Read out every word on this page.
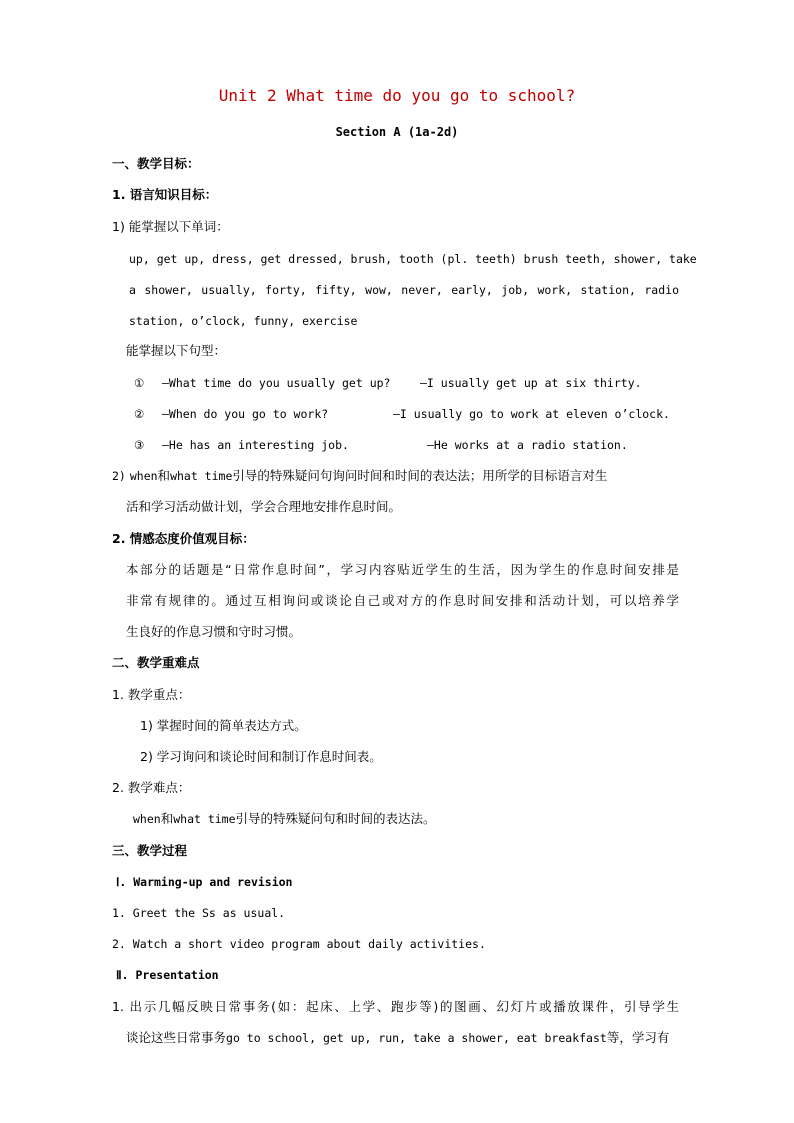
Unit 2 What time do you go to school?
Section A (1a-2d)
一、教学目标：
1. 语言知识目标：
1) 能掌握以下单词：
up, get up, dress, get dressed, brush, tooth (pl. teeth) brush teeth, shower, take
a shower, usually, forty, fifty, wow, never, early, job, work, station, radio
station, o’clock, funny, exercise
能掌握以下句型：
①	—What time do you usually get up?	—I usually get up at six thirty.
②	—When do you go to work?	—I usually go to work at eleven o’clock.
③	—He has an interesting job.	—He works at a radio station.
2) when和what time引导的特殊疑问句询问时间和时间的表达法；用所学的目标语言对生
活和学习活动做计划，学会合理地安排作息时间。
2. 情感态度价值观目标：
本部分的话题是“日常作息时间”，学习内容贴近学生的生活，因为学生的作息时间安排是
非常有规律的。通过互相询问或谈论自己或对方的作息时间安排和活动计划，可以培养学
生良好的作息习惯和守时习惯。
二、教学重难点
1. 教学重点：
1) 掌握时间的简单表达方式。
2) 学习询问和谈论时间和制订作息时间表。
2. 教学难点：
when和what time引导的特殊疑问句和时间的表达法。
三、教学过程
Ⅰ. Warming-up and revision
1. Greet the Ss as usual.
2. Watch a short video program about daily activities.
Ⅱ. Presentation
1. 出示几幅反映日常事务(如：起床、上学、跑步等)的图画、幻灯片或播放课件，引导学生
谈论这些日常事务go to school, get up, run, take a shower, eat breakfast等，学习有
